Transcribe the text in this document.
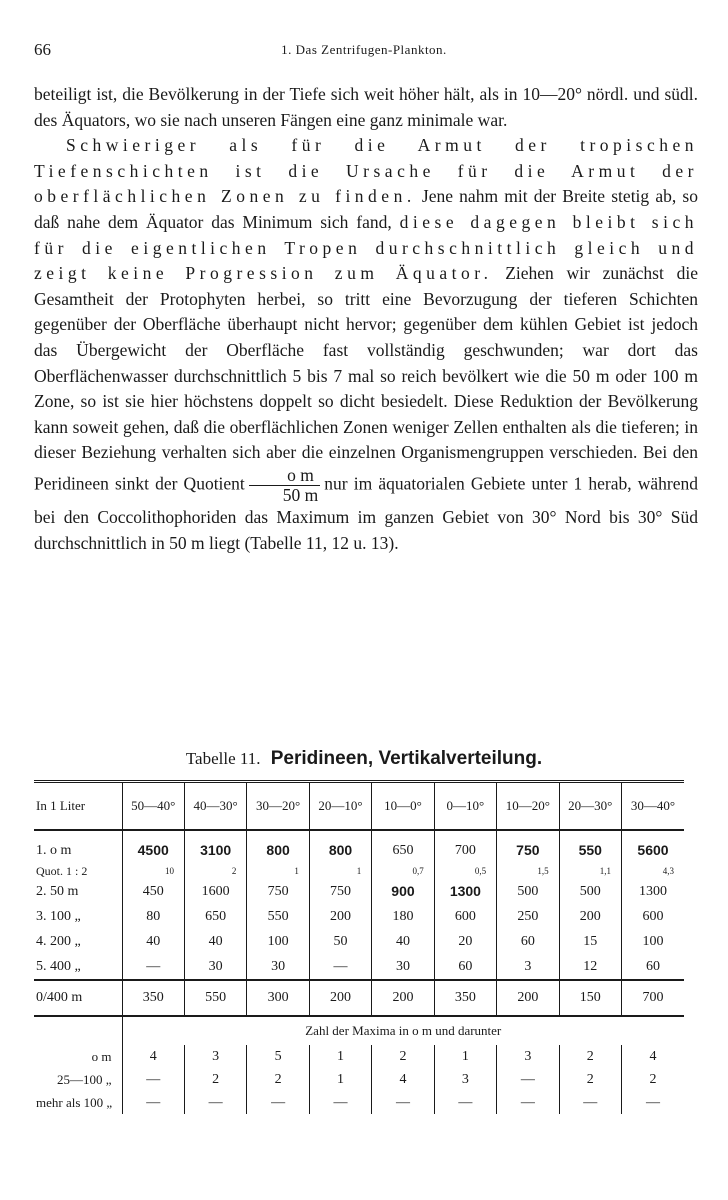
66	1. Das Zentrifugen-Plankton.

beteiligt ist, die Bevölkerung in der Tiefe sich weit höher hält, als in 10—20° nördl. und südl. des Äquators, wo sie nach unseren Fängen eine ganz minimale war.

Schwieriger als für die Armut der tropischen Tiefenschichten ist die Ursache für die Armut der oberflächlichen Zonen zu finden. Jene nahm mit der Breite stetig ab, so daß nahe dem Äquator das Minimum sich fand, diese dagegen bleibt sich für die eigentlichen Tropen durchschnittlich gleich und zeigt keine Progression zum Äquator. Ziehen wir zunächst die Gesamtheit der Protophyten herbei, so tritt eine Bevorzugung der tieferen Schichten gegenüber der Oberfläche überhaupt nicht hervor; gegenüber dem kühlen Gebiet ist jedoch das Übergewicht der Oberfläche fast vollständig geschwunden; war dort das Oberflächenwasser durchschnittlich 5 bis 7 mal so reich bevölkert wie die 50 m oder 100 m Zone, so ist sie hier höchstens doppelt so dicht besiedelt. Diese Reduktion der Bevölkerung kann soweit gehen, daß die oberflächlichen Zonen weniger Zellen enthalten als die tieferen; in dieser Beziehung verhalten sich aber die einzelnen Organismengruppen verschieden. Bei den Peridineen sinkt der Quotient $\frac{\text{o m}}{50 m}$ nur im äquatorialen Gebiete unter 1 herab, während bei den Coccolithophoriden das Maximum im ganzen Gebiet von 30° Nord bis 30° Süd durchschnittlich in 50 m liegt (Tabelle 11, 12 u. 13).

Tabelle 11. Peridineen, Vertikalverteilung.
In 1 Liter	50—40°	40—30°	30—20°	20—10°	10—0°	0—10°	10—20°	20—30°	30—40°
1. o m	4500	3100	800	800	650	700	750	550	5600
Quot. 1 : 2	10	2	1	1	0,7	0,5	1,5	1,1	4,3
2. 50 m	450	1600	750	750	900	1300	500	500	1300
3. 100 „	80	650	550	200	180	600	250	200	600
4. 200 „	40	40	100	50	40	20	60	15	100
5. 400 „	—	30	30	—	30	60	3	12	60
0/400 m	350	550	300	200	200	350	200	150	700
	Zahl der Maxima in o m und darunter								
o m	4	3	5	1	2	1	3	2	4
25—100 „	—	2	2	1	4	3	—	2	2
mehr als 100 „	—	—	—	—	—	—	—	—	—
